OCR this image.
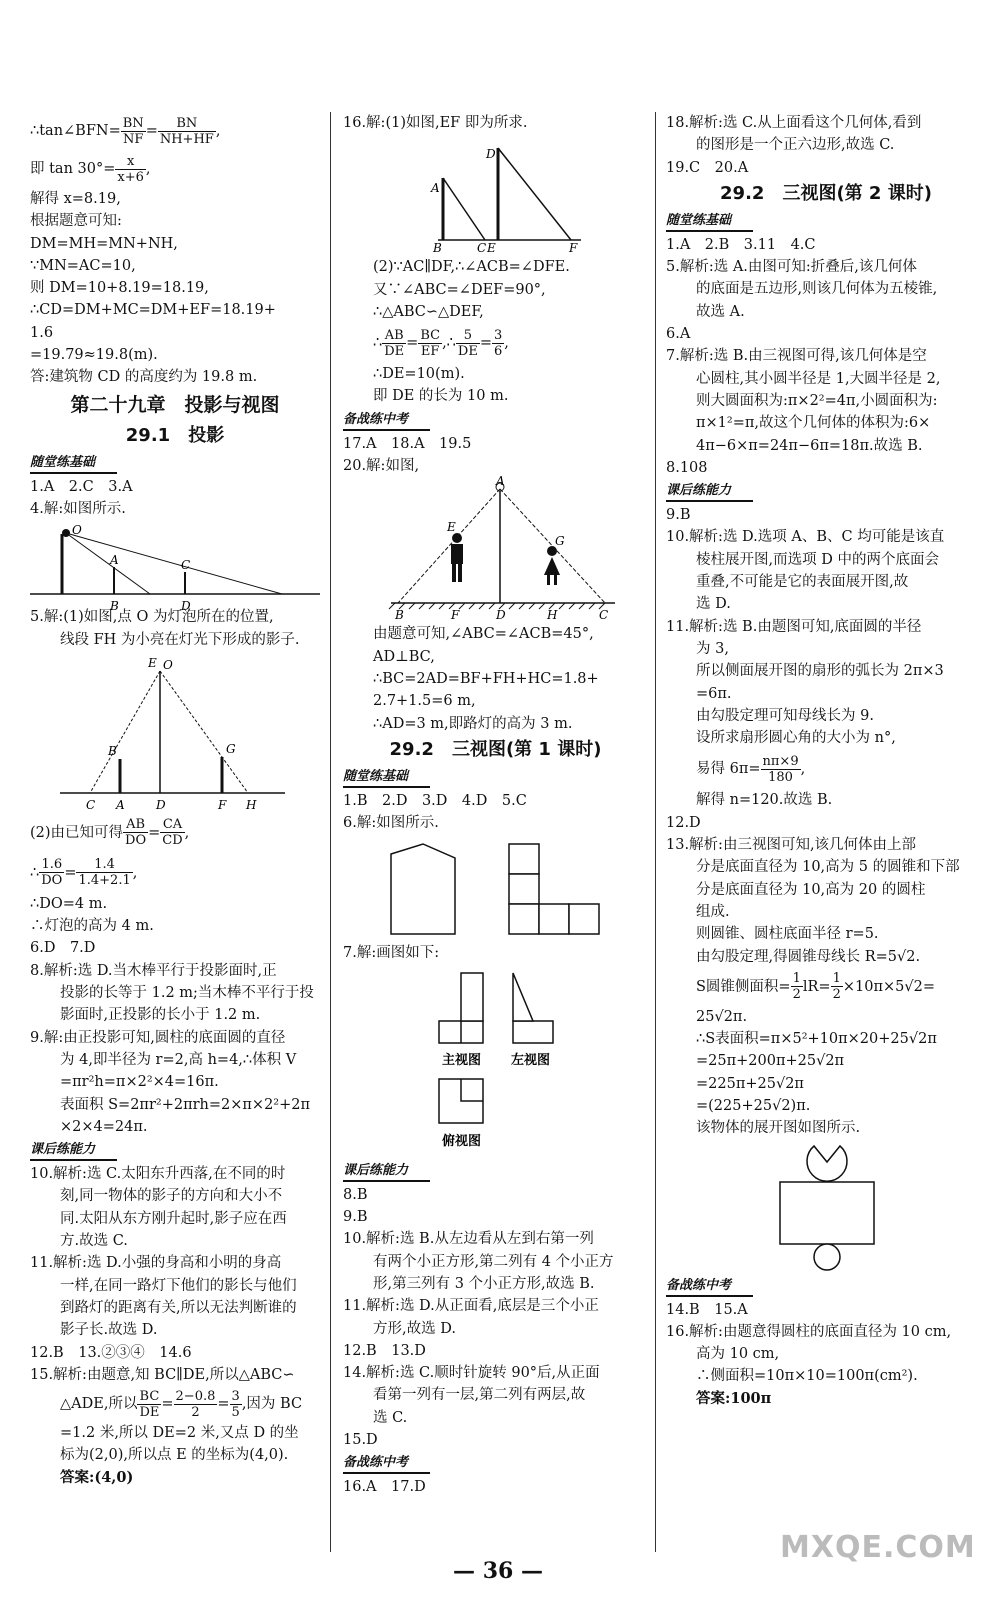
∴tan∠BFN= $\frac{BN}{NF} = \frac{BN}{NH+HF}$ ,
即 $\tan 30^\circ= \frac{x}{x+6}$ ,
解得 x=8.19,
根据题意可知:
DM=MH=MN+NH,
∵MN=AC=10,
则 DM=10+8.19=18.19,
∴CD=DM+MC=DM+EF=18.19+
1.6
=19.79≈19.8(m).
答:建筑物 CD 的高度约为 19.8 m.
第二十九章　投影与视图
29.1　投影
随堂练基础
1.A　2.C　3.A
4.解:如图所示.
O
A
B
C
D
5.解:(1)如图,点 O 为灯泡所在的位置,
线段 FH 为小亮在灯光下形成的影子.
E O
B	G
C A	D	F H
(2)由已知可得 $\frac{AB}{DO} = \frac{CA}{CD}$ ,
∴ $\frac{1.6}{DO} = \frac{1.4}{1.4+2.1}$ ,
∴DO=4 m.
∴灯泡的高为 4 m.
6.D　7.D
8.解析:选 D.当木棒平行于投影面时,正
投影的长等于 1.2 m;当木棒不平行于投
影面时,正投影的长小于 1.2 m.
9.解:由正投影可知,圆柱的底面圆的直径
为 4,即半径为 r=2,高 h=4,∴体积 V
=πr²h=π×2²×4=16π.
表面积 S=2πr²+2πrh=2×π×2²+2π
×2×4=24π.
课后练能力
10.解析:选 C.太阳东升西落,在不同的时
刻,同一物体的影子的方向和大小不
同.太阳从东方刚升起时,影子应在西
方.故选 C.
11.解析:选 D.小强的身高和小明的身高
一样,在同一路灯下他们的影长与他们
到路灯的距离有关,所以无法判断谁的
影子长.故选 D.
12.B　13.②③④　14.6
15.解析:由题意,知 BC∥DE,所以△ABC∽
△ADE,所以 $\frac{BC}{DE} = \frac{2-0.8}{2} = \frac{3}{5}$ ,因为 BC
=1.2 米,所以 DE=2 米,又点 D 的坐
标为(2,0),所以点 E 的坐标为(4,0).
答案:(4,0)
16.解:(1)如图,EF 即为所求.
A
D
B	C E	F
(2)∵AC∥DF,∴∠ACB=∠DFE.
又∵∠ABC=∠DEF=90°,
∴△ABC∽△DEF,
∴ $\frac{AB}{DE} = \frac{BC}{EF}$ ,∴ $\frac{5}{DE} = \frac{3}{6}$ ,
∴DE=10(m).
即 DE 的长为 10 m.
备战练中考
17.A　18.A　19.5
20.解:如图,
A
E
G
B	F	D	H	C
由题意可知,∠ABC=∠ACB=45°,
AD⊥BC,
∴BC=2AD=BF+FH+HC=1.8+
2.7+1.5=6 m,
∴AD=3 m,即路灯的高为 3 m.
29.2　三视图(第 1 课时)
随堂练基础
1.B　2.D　3.D　4.D　5.C
6.解:如图所示.
7.解:画图如下:
主视图 左视图
俯视图
课后练能力
8.B
9.B
10.解析:选 B.从左边看从左到右第一列
有两个小正方形,第二列有 4 个小正方
形,第三列有 3 个小正方形,故选 B.
11.解析:选 D.从正面看,底层是三个小正
方形,故选 D.
12.B　13.D
14.解析:选 C.顺时针旋转 90°后,从正面
看第一列有一层,第二列有两层,故
选 C.
15.D
备战练中考
16.A　17.D
18.解析:选 C.从上面看这个几何体,看到
的图形是一个正六边形,故选 C.
19.C　20.A
29.2　三视图(第 2 课时)
随堂练基础
1.A　2.B　3.11　4.C
5.解析:选 A.由图可知:折叠后,该几何体
的底面是五边形,则该几何体为五棱锥,
故选 A.
6.A
7.解析:选 B.由三视图可得,该几何体是空
心圆柱,其小圆半径是 1,大圆半径是 2,
则大圆面积为:π×2²=4π,小圆面积为:
π×1²=π,故这个几何体的体积为:6×
4π−6×π=24π−6π=18π.故选 B.
8.108
课后练能力
9.B
10.解析:选 D.选项 A、B、C 均可能是该直
棱柱展开图,而选项 D 中的两个底面会
重叠,不可能是它的表面展开图,故
选 D.
11.解析:选 B.由题图可知,底面圆的半径
为 3,
所以侧面展开图的扇形的弧长为 2π×3
=6π.
由勾股定理可知母线长为 9.
设所求扇形圆心角的大小为 n°,
易得 $6\pi= \frac{n\pi\times 9}{180}$ ,
解得 n=120.故选 B.
12.D
13.解析:由三视图可知,该几何体由上部
分是底面直径为 10,高为 5 的圆锥和下部
分是底面直径为 10,高为 20 的圆柱
组成.
则圆锥、圆柱底面半径 r=5.
由勾股定理,得圆锥母线长 R=5√2.
S圆锥侧面积= $\frac{1}{2} lR= \frac{1}{2} \times 10\pi\times 5√2=$
25√2π.
∴S表面积=π×5²+10π×20+25√2π
=25π+200π+25√2π
=225π+25√2π
=(225+25√2)π.
该物体的展开图如图所示.
备战练中考
14.B　15.A
16.解析:由题意得圆柱的底面直径为 10 cm,
高为 10 cm,
∴侧面积=10π×10=100π(cm²).
答案:100π
— 36 —
MXQE.COM
